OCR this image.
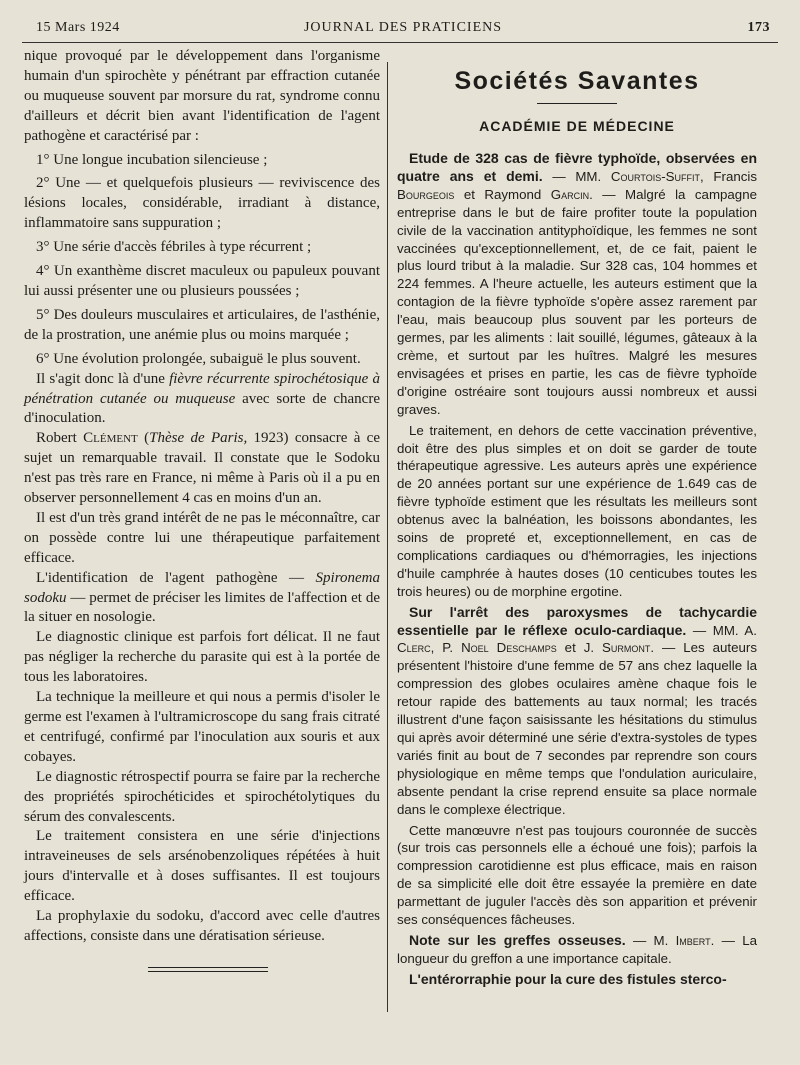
15 Mars 1924	JOURNAL DES PRATICIENS	173

nique provoqué par le développement dans l'organisme humain d'un spirochète y pénétrant par effraction cutanée ou muqueuse souvent par morsure du rat, syndrome connu d'ailleurs et décrit bien avant l'identification de l'agent pathogène et caractérisé par :

1° Une longue incubation silencieuse ;

2° Une — et quelquefois plusieurs — reviviscence des lésions locales, considérable, irradiant à distance, inflammatoire sans suppuration ;

3° Une série d'accès fébriles à type récurrent ;

4° Un exanthème discret maculeux ou papuleux pouvant lui aussi présenter une ou plusieurs poussées ;

5° Des douleurs musculaires et articulaires, de l'asthénie, de la prostration, une anémie plus ou moins marquée ;

6° Une évolution prolongée, subaiguë le plus souvent.

Il s'agit donc là d'une fièvre récurrente spirochétosique à pénétration cutanée ou muqueuse avec sorte de chancre d'inoculation.

Robert Clément (Thèse de Paris, 1923) consacre à ce sujet un remarquable travail. Il constate que le Sodoku n'est pas très rare en France, ni même à Paris où il a pu en observer personnellement 4 cas en moins d'un an.

Il est d'un très grand intérêt de ne pas le méconnaître, car on possède contre lui une thérapeutique parfaitement efficace.

L'identification de l'agent pathogène — Spironema sodoku — permet de préciser les limites de l'affection et de la situer en nosologie.

Le diagnostic clinique est parfois fort délicat. Il ne faut pas négliger la recherche du parasite qui est à la portée de tous les laboratoires.

La technique la meilleure et qui nous a permis d'isoler le germe est l'examen à l'ultramicroscope du sang frais citraté et centrifugé, confirmé par l'inoculation aux souris et aux cobayes.

Le diagnostic rétrospectif pourra se faire par la recherche des propriétés spirochéticides et spirochétolytiques du sérum des convalescents.

Le traitement consistera en une série d'injections intraveineuses de sels arsénobenzoliques répétées à huit jours d'intervalle et à doses suffisantes. Il est toujours efficace.

La prophylaxie du sodoku, d'accord avec celle d'autres affections, consiste dans une dératisation sérieuse.

Sociétés Savantes
ACADÉMIE DE MÉDECINE

Etude de 328 cas de fièvre typhoïde, observées en quatre ans et demi. — MM. Courtois-Suffit, Francis Bourgeois et Raymond Garcin. — Malgré la campagne entreprise dans le but de faire profiter toute la population civile de la vaccination antityphoïdique, les femmes ne sont vaccinées qu'exceptionnellement, et, de ce fait, paient le plus lourd tribut à la maladie. Sur 328 cas, 104 hommes et 224 femmes. A l'heure actuelle, les auteurs estiment que la contagion de la fièvre typhoïde s'opère assez rarement par l'eau, mais beaucoup plus souvent par les porteurs de germes, par les aliments : lait souillé, légumes, gâteaux à la crème, et surtout par les huîtres. Malgré les mesures envisagées et prises en partie, les cas de fièvre typhoïde d'origine ostréaire sont toujours aussi nombreux et aussi graves.

Le traitement, en dehors de cette vaccination préventive, doit être des plus simples et on doit se garder de toute thérapeutique agressive. Les auteurs après une expérience de 20 années portant sur une expérience de 1.649 cas de fièvre typhoïde estiment que les résultats les meilleurs sont obtenus avec la balnéation, les boissons abondantes, les soins de propreté et, exceptionnellement, en cas de complications cardiaques ou d'hémorragies, les injections d'huile camphrée à hautes doses (10 centicubes toutes les trois heures) ou de morphine ergotine.

Sur l'arrêt des paroxysmes de tachycardie essentielle par le réflexe oculo-cardiaque. — MM. A. Clerc, P. Noel Deschamps et J. Surmont. — Les auteurs présentent l'histoire d'une femme de 57 ans chez laquelle la compression des globes oculaires amène chaque fois le retour rapide des battements au taux normal; les tracés illustrent d'une façon saisissante les hésitations du stimulus qui après avoir déterminé une série d'extra-systoles de types variés finit au bout de 7 secondes par reprendre son cours physiologique en même temps que l'ondulation auriculaire, absente pendant la crise reprend ensuite sa place normale dans le complexe électrique.

Cette manœuvre n'est pas toujours couronnée de succès (sur trois cas personnels elle a échoué une fois); parfois la compression carotidienne est plus efficace, mais en raison de sa simplicité elle doit être essayée la première en date parmettant de juguler l'accès dès son apparition et prévenir ses conséquences fâcheuses.

Note sur les greffes osseuses. — M. Imbert. — La longueur du greffon a une importance capitale.

L'entérorraphie pour la cure des fistules sterco-
